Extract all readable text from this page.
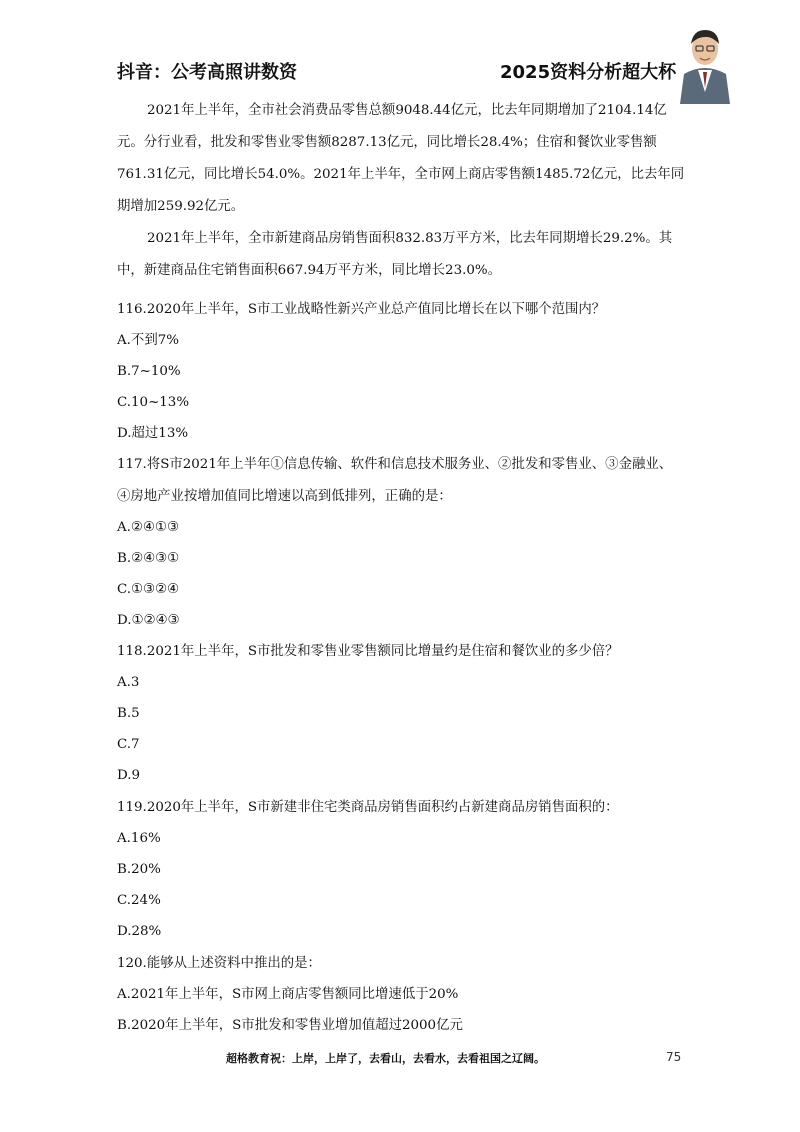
抖音：公考高照讲数资	2025资料分析超大杯

2021年上半年，全市社会消费品零售总额9048.44亿元，比去年同期增加了2104.14亿元。分行业看，批发和零售业零售额8287.13亿元，同比增长28.4%；住宿和餐饮业零售额761.31亿元，同比增长54.0%。2021年上半年，全市网上商店零售额1485.72亿元，比去年同期增加259.92亿元。

2021年上半年，全市新建商品房销售面积832.83万平方米，比去年同期增长29.2%。其中，新建商品住宅销售面积667.94万平方米，同比增长23.0%。

116.2020年上半年，S市工业战略性新兴产业总产值同比增长在以下哪个范围内？
A.不到7%
B.7~10%
C.10~13%
D.超过13%
117.将S市2021年上半年①信息传输、软件和信息技术服务业、②批发和零售业、③金融业、④房地产业按增加值同比增速以高到低排列，正确的是：
A.②④①③
B.②④③①
C.①③②④
D.①②④③
118.2021年上半年，S市批发和零售业零售额同比增量约是住宿和餐饮业的多少倍？
A.3
B.5
C.7
D.9
119.2020年上半年，S市新建非住宅类商品房销售面积约占新建商品房销售面积的：
A.16%
B.20%
C.24%
D.28%
120.能够从上述资料中推出的是：
A.2021年上半年，S市网上商店零售额同比增速低于20%
B.2020年上半年，S市批发和零售业增加值超过2000亿元
超格教育祝：上岸，上岸了，去看山，去看水，去看祖国之辽阔。	75
